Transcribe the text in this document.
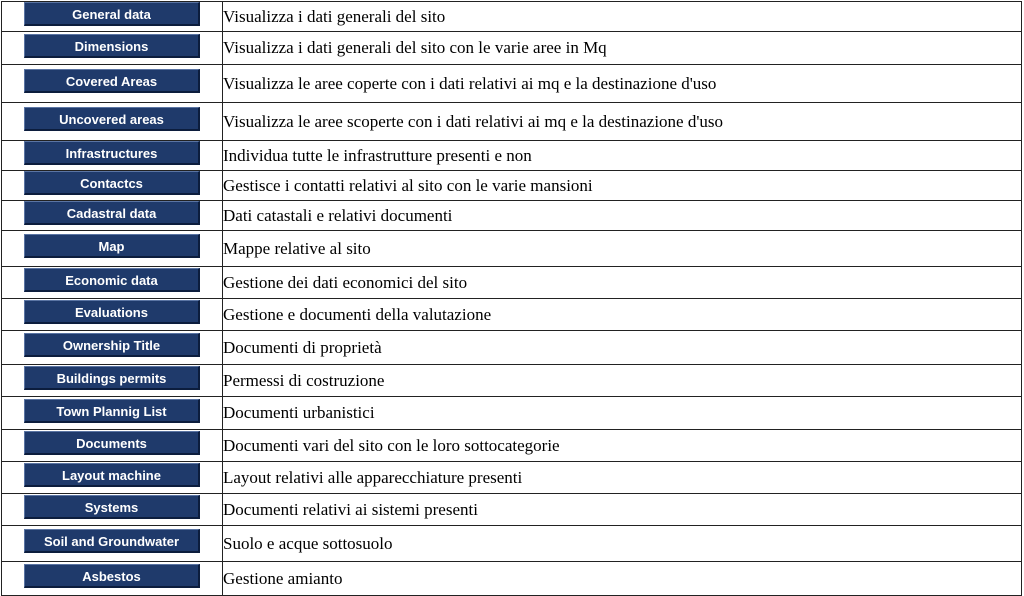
General data	Visualizza i dati generali del sito
Dimensions	Visualizza i dati generali del sito con le varie aree in Mq
Covered Areas	Visualizza le aree coperte con i dati relativi ai mq e la destinazione d'uso
Uncovered areas	Visualizza le aree scoperte con i dati relativi ai mq e la destinazione d'uso
Infrastructures	Individua tutte le infrastrutture presenti e non
Contactcs	Gestisce i contatti relativi al sito con le varie mansioni
Cadastral data	Dati catastali e relativi documenti
Map	Mappe relative al sito
Economic data	Gestione dei dati economici del sito
Evaluations	Gestione e documenti della valutazione
Ownership Title	Documenti di proprietà
Buildings permits	Permessi di costruzione
Town Plannig List	Documenti urbanistici
Documents	Documenti vari del sito con le loro sottocategorie
Layout machine	Layout relativi alle apparecchiature presenti
Systems	Documenti relativi ai sistemi presenti
Soil and Groundwater	Suolo e acque sottosuolo
Asbestos	Gestione amianto
